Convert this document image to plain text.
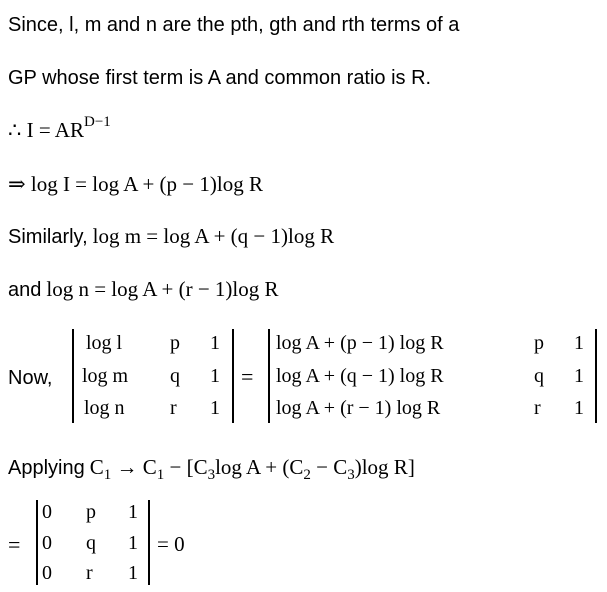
Since, l, m and n are the pth, gth and rth terms of a
GP whose first term is A and common ratio is R.
∴ $I = AR^{D-1}$
⇒ log I = log A + (p − 1)log R
Similarly, log m = log A + (q − 1)log R
and log n = log A + (r − 1)log R
Now,
log l p 1
log m q 1
log n r 1
=
log A + (p − 1) log R	p 1
log A + (q − 1) log R	q 1
log A + (r − 1) log R	r 1
Applying $C_1 \to C_1 - [C_3\log$ $A + (C_2 - C_3)\log$ R]
=
0 p 1
0 q 1
0 r 1
= 0
